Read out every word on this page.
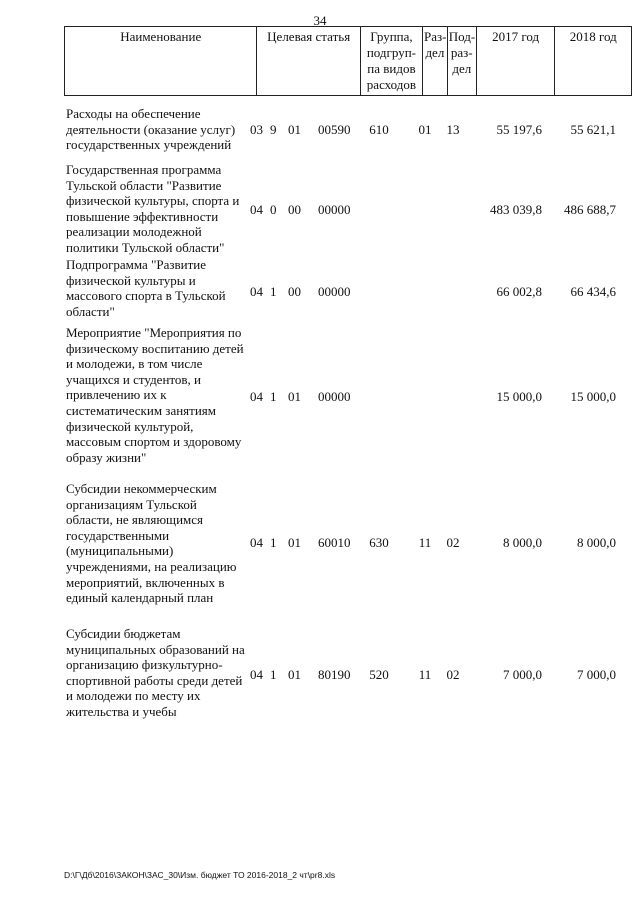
34
Наименование	Целевая статья	Группа, подгруп-па видов расходов	Раз-дел	Под-раз-дел	2017 год	2018 год
Расходы на обеспечение деятельности (оказание услуг) государственных учреждений
03 9 01 00590	610	01	13	55 197,6	55 621,1
Государственная программа Тульской области "Развитие физической культуры, спорта и повышение эффективности реализации молодежной политики Тульской области"
04 0 00 00000	483 039,8	486 688,7
Подпрограмма "Развитие физической культуры и массового спорта в Тульской области"
04 1 00 00000	66 002,8	66 434,6
Мероприятие "Мероприятия по физическому воспитанию детей и молодежи, в том числе учащихся и студентов, и привлечению их к систематическим занятиям физической культурой, массовым спортом и здоровому образу жизни"
04 1 01 00000	15 000,0	15 000,0
Субсидии некоммерческим организациям Тульской области, не являющимся государственными (муниципальными) учреждениями, на реализацию мероприятий, включенных в единый календарный план
04 1 01 60010	630	11	02	8 000,0	8 000,0
Субсидии бюджетам муниципальных образований на организацию физкультурно-спортивной работы среди детей и молодежи по месту их жительства и учебы
04 1 01 80190	520	11	02	7 000,0	7 000,0
D:\Г\Дб\2016\ЗАКОН\ЗАС_30\Изм. бюджет ТО 2016-2018_2 чт\pr8.xls
